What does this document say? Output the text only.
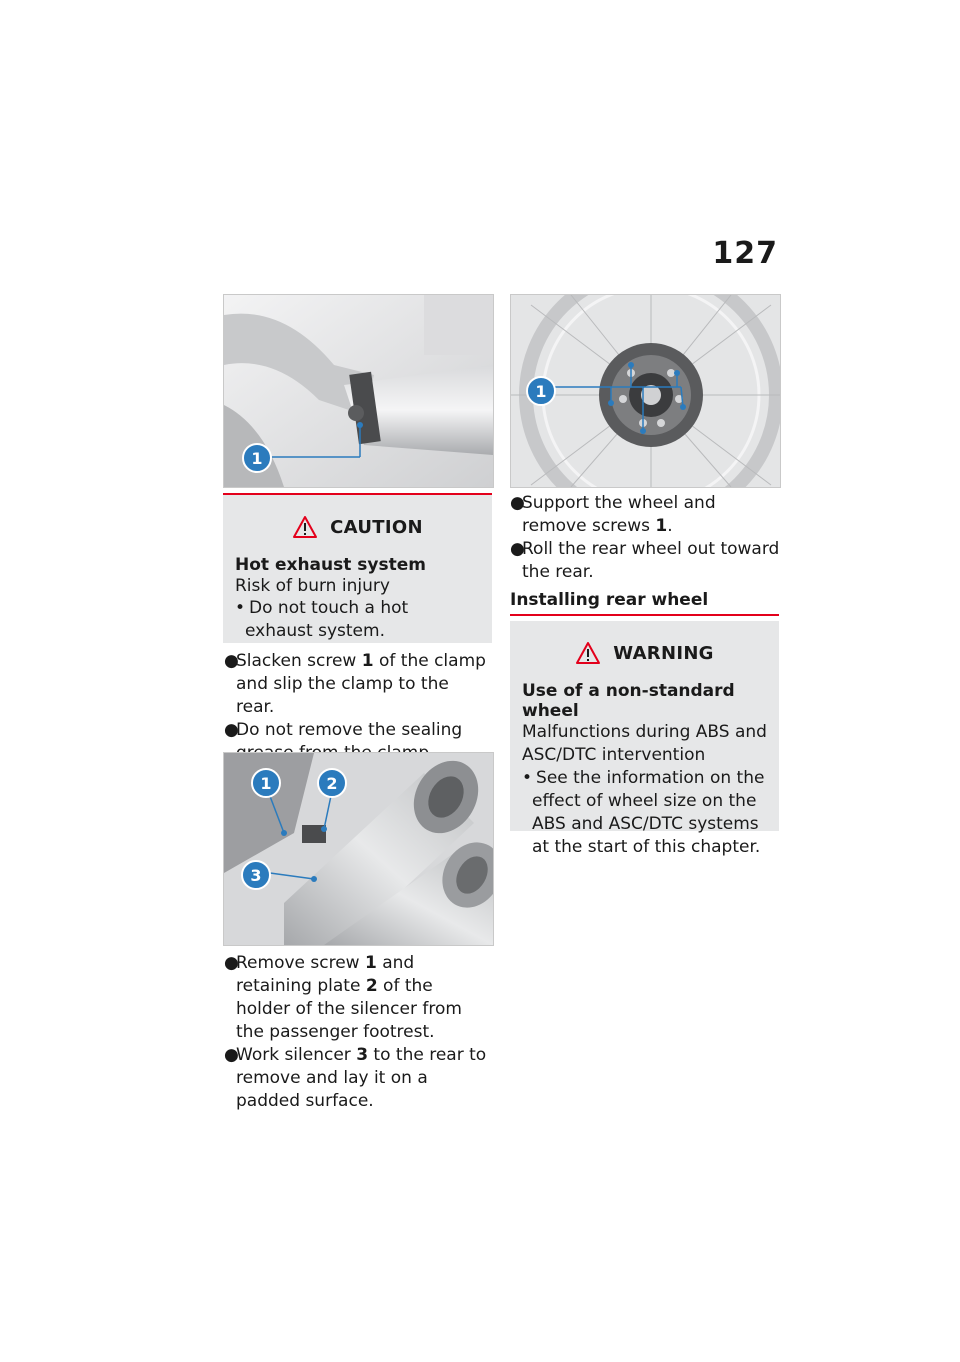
127
1
1
CAUTION
Hot exhaust system
Risk of burn injury
• Do not touch a hot exhaust system.
●
Slacken screw 1 of the clamp and slip the clamp to the rear.
●
Do not remove the sealing
1	2
3
●
Remove screw 1 and retaining plate 2 of the holder of the silencer from the passenger footrest.
●
Work silencer 3 to the rear to remove and lay it on a padded surface.
●
Support the wheel and remove screws 1.
●
Roll the rear wheel out toward the rear.
Installing rear wheel
WARNING
Use of a non-standard wheel
Malfunctions during ABS and ASC/DTC intervention
• See the information on the effect of wheel size on the ABS and ASC/DTC systems at the start of this chapter.
